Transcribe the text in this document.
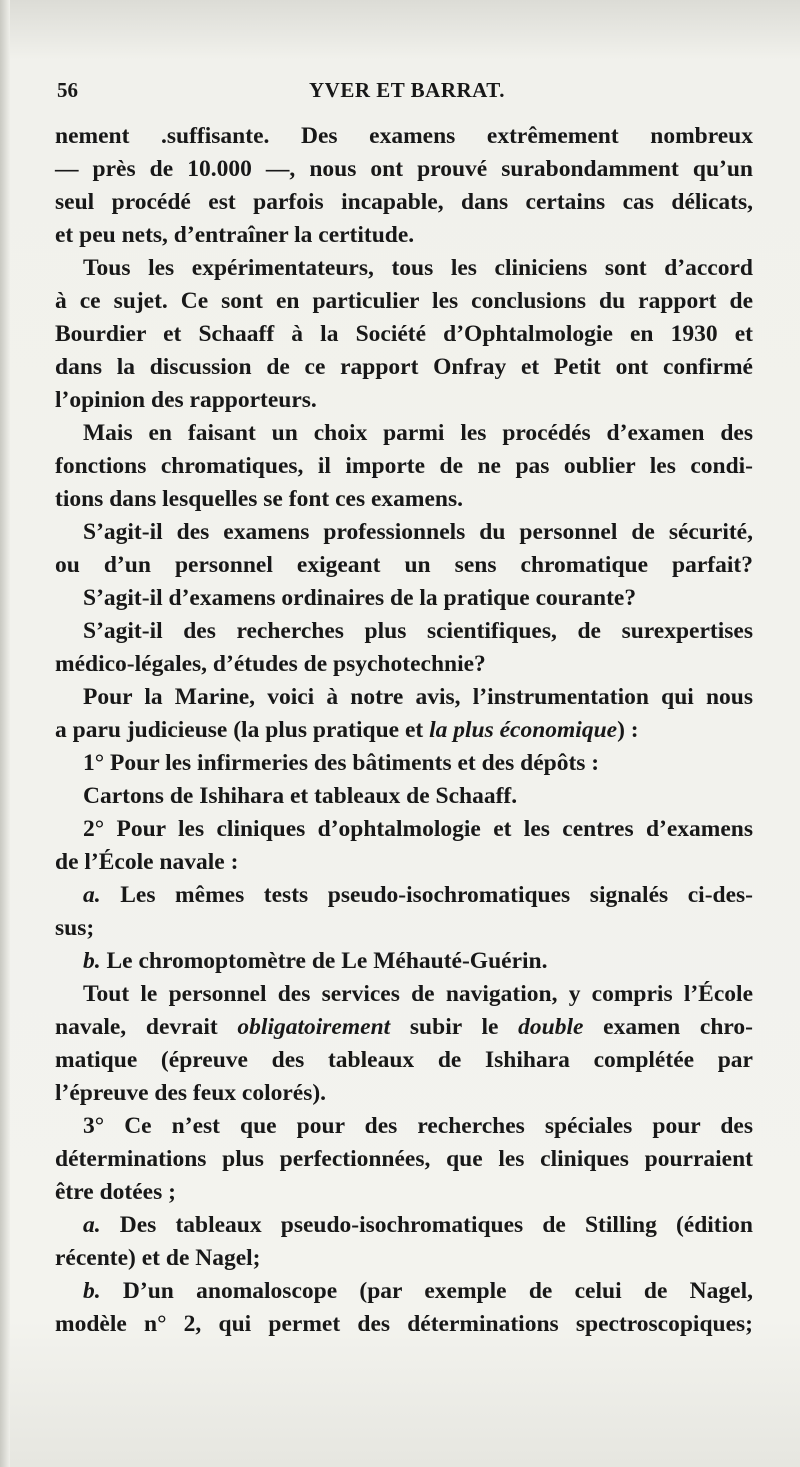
56	YVER ET BARRAT.
nement .suffisante. Des examens extrêmement nombreux
— près de 10.000 —, nous ont prouvé surabondamment qu’un
seul procédé est parfois incapable, dans certains cas délicats,
et peu nets, d’entraîner la certitude.
Tous les expérimentateurs, tous les cliniciens sont d’accord
à ce sujet. Ce sont en particulier les conclusions du rapport de
Bourdier et Schaaff à la Société d’Ophtalmologie en 1930 et
dans la discussion de ce rapport Onfray et Petit ont confirmé
l’opinion des rapporteurs.
Mais en faisant un choix parmi les procédés d’examen des
fonctions chromatiques, il importe de ne pas oublier les condi-
tions dans lesquelles se font ces examens.
S’agit-il des examens professionnels du personnel de sécurité,
ou d’un personnel exigeant un sens chromatique parfait?
S’agit-il d’examens ordinaires de la pratique courante?
S’agit-il des recherches plus scientifiques, de surexpertises
médico-légales, d’études de psychotechnie?
Pour la Marine, voici à notre avis, l’instrumentation qui nous
a paru judicieuse (la plus pratique et la plus économique) :
1° Pour les infirmeries des bâtiments et des dépôts :
Cartons de Ishihara et tableaux de Schaaff.
2° Pour les cliniques d’ophtalmologie et les centres d’examens
de l’École navale :
a. Les mêmes tests pseudo-isochromatiques signalés ci-des-
sus;
b. Le chromoptomètre de Le Méhauté-Guérin.
Tout le personnel des services de navigation, y compris l’École
navale, devrait obligatoirement subir le double examen chro-
matique (épreuve des tableaux de Ishihara complétée par
l’épreuve des feux colorés).
3° Ce n’est que pour des recherches spéciales pour des
déterminations plus perfectionnées, que les cliniques pourraient
être dotées ;
a. Des tableaux pseudo-isochromatiques de Stilling (édition
récente) et de Nagel;
b. D’un anomaloscope (par exemple de celui de Nagel,
modèle n° 2, qui permet des déterminations spectroscopiques;
